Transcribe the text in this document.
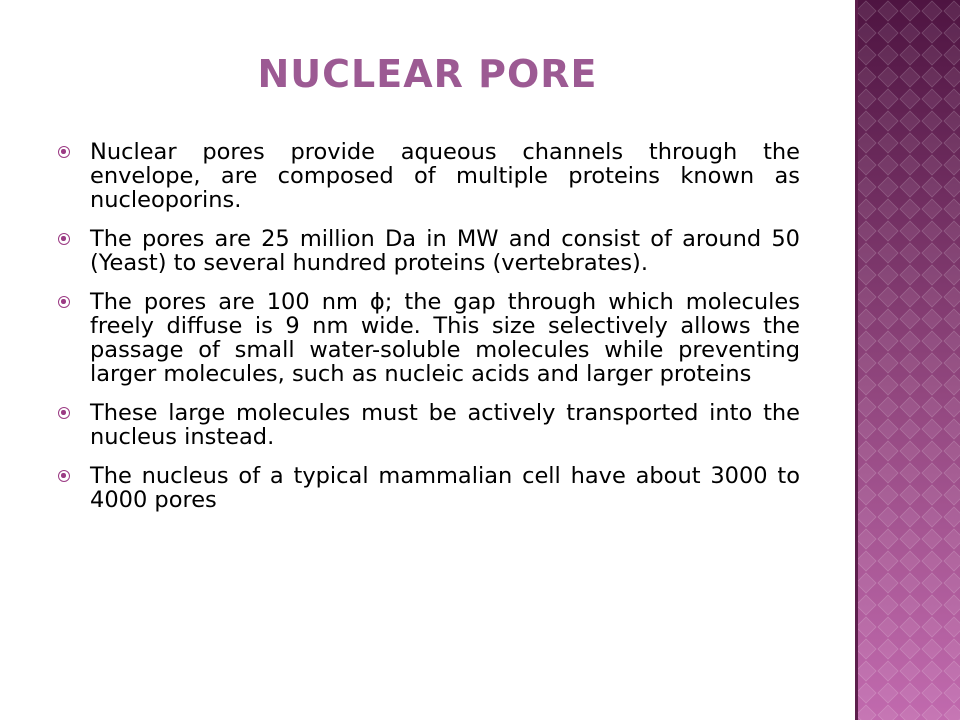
NUCLEAR PORE
Nuclear pores provide aqueous channels through the envelope, are composed of multiple proteins known as nucleoporins.
The pores are 25 million Da in MW and consist of around 50 (Yeast) to several hundred proteins (vertebrates).
The pores are 100 nm ɸ; the gap through which molecules freely diffuse is 9 nm wide. This size selectively allows the passage of small water-soluble molecules while preventing larger molecules, such as nucleic acids and larger proteins
These large molecules must be actively transported into the nucleus instead.
The nucleus of a typical mammalian cell have about 3000 to 4000 pores
